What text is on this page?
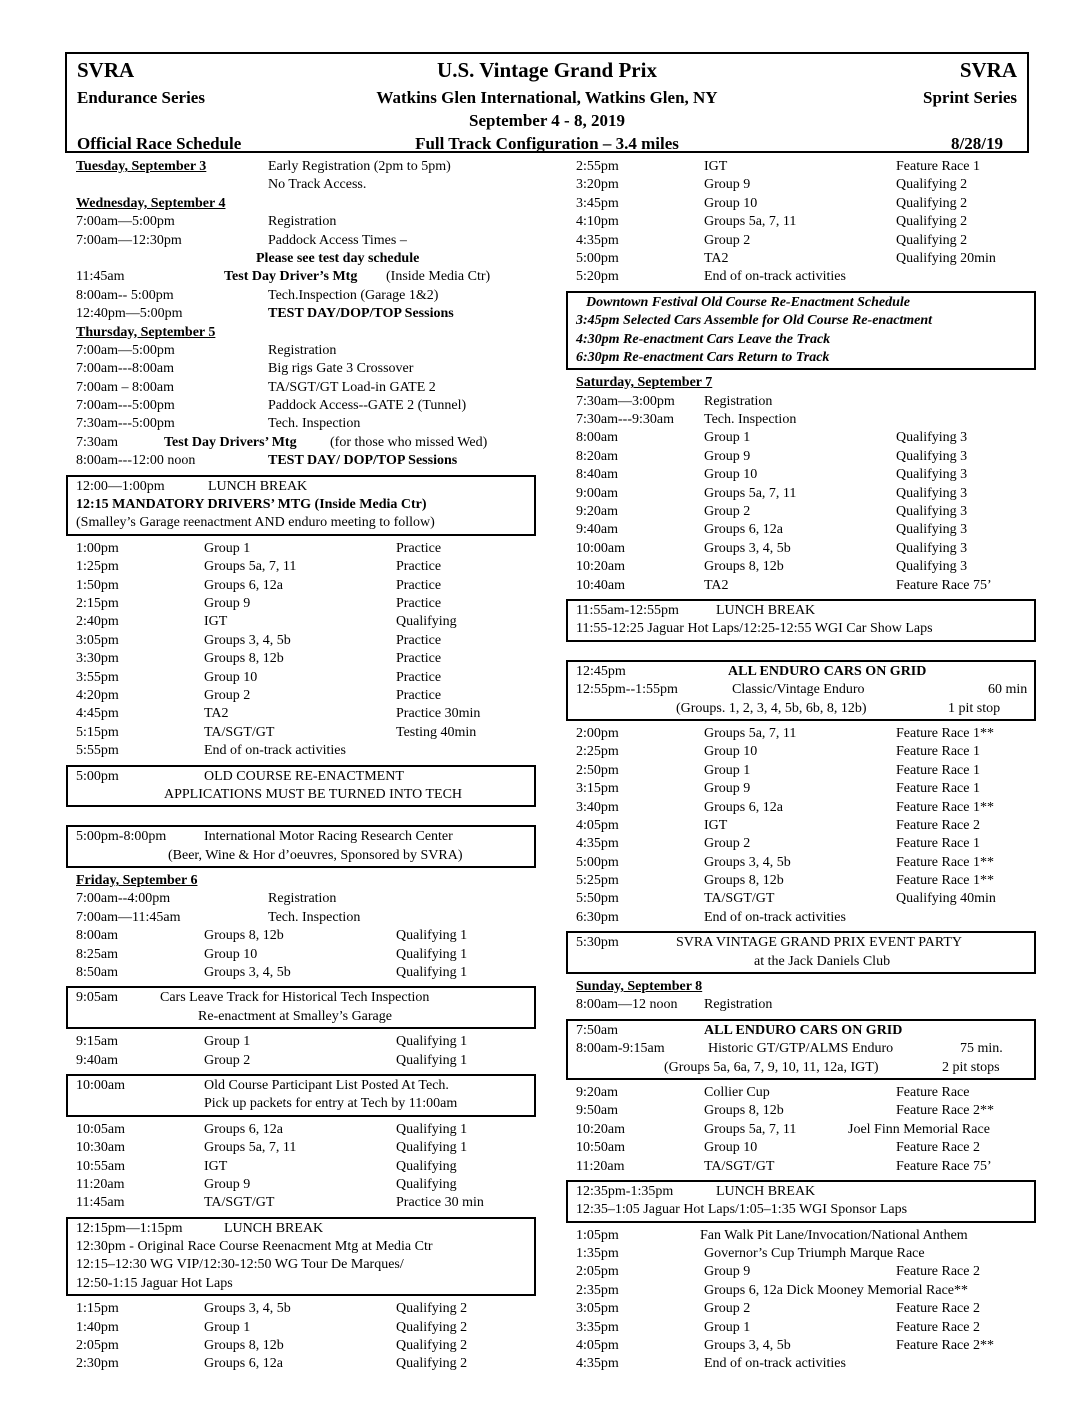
SVRA
Endurance Series
U.S. Vintage Grand Prix
Watkins Glen International, Watkins Glen, NY
September 4 - 8, 2019
SVRA
Sprint Series
Official Race Schedule	Full Track Configuration – 3.4 miles	8/28/19
Tuesday, September 3	Early Registration (2pm to 5pm)
No Track Access.
Wednesday, September 4
7:00am—5:00pm	Registration
7:00am—12:30pm	Paddock Access Times –
Please see test day schedule
11:45am	Test Day Driver’s Mtg (Inside Media Ctr)
8:00am-- 5:00pm	Tech.Inspection (Garage 1&2)
12:40pm—5:00pm	TEST DAY/DOP/TOP Sessions
Thursday, September 5
7:00am—5:00pm	Registration
7:00am---8:00am	Big rigs Gate 3 Crossover
7:00am – 8:00am	TA/SGT/GT Load-in GATE 2
7:00am---5:00pm	Paddock Access--GATE 2 (Tunnel)
7:30am---5:00pm	Tech. Inspection
7:30am	Test Day Drivers’ Mtg (for those who missed Wed)
8:00am---12:00 noon	TEST DAY/ DOP/TOP Sessions
12:00—1:00pm	LUNCH BREAK
12:15 MANDATORY DRIVERS’ MTG (Inside Media Ctr)
(Smalley’s Garage reenactment AND enduro meeting to follow)
1:00pm	Group 1	Practice
1:25pm	Groups 5a, 7, 11	Practice
1:50pm	Groups 6, 12a	Practice
2:15pm	Group 9	Practice
2:40pm	IGT	Qualifying
3:05pm	Groups 3, 4, 5b	Practice
3:30pm	Groups 8, 12b	Practice
3:55pm	Group 10	Practice
4:20pm	Group 2	Practice
4:45pm	TA2	Practice 30min
5:15pm	TA/SGT/GT	Testing 40min
5:55pm	End of on-track activities
5:00pm	OLD COURSE RE-ENACTMENT
APPLICATIONS MUST BE TURNED INTO TECH
5:00pm-8:00pm	International Motor Racing Research Center
(Beer, Wine & Hor d’oeuvres, Sponsored by SVRA)
Friday, September 6
7:00am--4:00pm	Registration
7:00am—11:45am	Tech. Inspection
8:00am	Groups 8, 12b	Qualifying 1
8:25am	Group 10	Qualifying 1
8:50am	Groups 3, 4, 5b	Qualifying 1
9:05am	Cars Leave Track for Historical Tech Inspection
Re-enactment at Smalley’s Garage
9:15am	Group 1	Qualifying 1
9:40am	Group 2	Qualifying 1
10:00am	Old Course Participant List Posted At Tech.
Pick up packets for entry at Tech by 11:00am
10:05am	Groups 6, 12a	Qualifying 1
10:30am	Groups 5a, 7, 11	Qualifying 1
10:55am	IGT	Qualifying
11:20am	Group 9	Qualifying
11:45am	TA/SGT/GT	Practice 30 min
12:15pm—1:15pm	LUNCH BREAK
12:30pm - Original Race Course Reenacment Mtg at Media Ctr
12:15–12:30 WG VIP/12:30-12:50 WG Tour De Marques/
12:50-1:15 Jaguar Hot Laps
1:15pm	Groups 3, 4, 5b	Qualifying 2
1:40pm	Group 1	Qualifying 2
2:05pm	Groups 8, 12b	Qualifying 2
2:30pm	Groups 6, 12a	Qualifying 2
2:55pm	IGT	Feature Race 1
3:20pm	Group 9	Qualifying 2
3:45pm	Group 10	Qualifying 2
4:10pm	Groups 5a, 7, 11	Qualifying 2
4:35pm	Group 2	Qualifying 2
5:00pm	TA2	Qualifying 20min
5:20pm	End of on-track activities
Downtown Festival Old Course Re-Enactment Schedule
3:45pm Selected Cars Assemble for Old Course Re-enactment
4:30pm Re-enactment Cars Leave the Track
6:30pm Re-enactment Cars Return to Track
Saturday, September 7
7:30am—3:00pm Registration
7:30am---9:30am Tech. Inspection
8:00am	Group 1	Qualifying 3
8:20am	Group 9	Qualifying 3
8:40am	Group 10	Qualifying 3
9:00am	Groups 5a, 7, 11	Qualifying 3
9:20am	Group 2	Qualifying 3
9:40am	Groups 6, 12a	Qualifying 3
10:00am	Groups 3, 4, 5b	Qualifying 3
10:20am	Groups 8, 12b	Qualifying 3
10:40am	TA2	Feature Race 75’
11:55am-12:55pm	LUNCH BREAK
11:55-12:25 Jaguar Hot Laps/12:25-12:55 WGI Car Show Laps
12:45pm	ALL ENDURO CARS ON GRID
12:55pm--1:55pm	Classic/Vintage Enduro	60 min
(Groups. 1, 2, 3, 4, 5b, 6b, 8, 12b)	1 pit stop
2:00pm	Groups 5a, 7, 11	Feature Race 1**
2:25pm	Group 10	Feature Race 1
2:50pm	Group 1	Feature Race 1
3:15pm	Group 9	Feature Race 1
3:40pm	Groups 6, 12a	Feature Race 1**
4:05pm	IGT	Feature Race 2
4:35pm	Group 2	Feature Race 1
5:00pm	Groups 3, 4, 5b	Feature Race 1**
5:25pm	Groups 8, 12b	Feature Race 1**
5:50pm	TA/SGT/GT	Qualifying 40min
6:30pm	End of on-track activities
5:30pm	SVRA VINTAGE GRAND PRIX EVENT PARTY
at the Jack Daniels Club
Sunday, September 8
8:00am—12 noon Registration
7:50am	ALL ENDURO CARS ON GRID
8:00am-9:15am	Historic GT/GTP/ALMS Enduro	75 min.
(Groups 5a, 6a, 7, 9, 10, 11, 12a, IGT)	2 pit stops
9:20am	Collier Cup	Feature Race
9:50am	Groups 8, 12b	Feature Race 2**
10:20am	Groups 5a, 7, 11	Joel Finn Memorial Race
10:50am	Group 10	Feature Race 2
11:20am	TA/SGT/GT	Feature Race 75’
12:35pm-1:35pm	LUNCH BREAK
12:35–1:05 Jaguar Hot Laps/1:05–1:35 WGI Sponsor Laps
1:05pm	Fan Walk Pit Lane/Invocation/National Anthem
1:35pm	Governor’s Cup Triumph Marque Race
2:05pm	Group 9	Feature Race 2
2:35pm	Groups 6, 12a Dick Mooney Memorial Race**
3:05pm	Group 2	Feature Race 2
3:35pm	Group 1	Feature Race 2
4:05pm	Groups 3, 4, 5b	Feature Race 2**
4:35pm	End of on-track activities
